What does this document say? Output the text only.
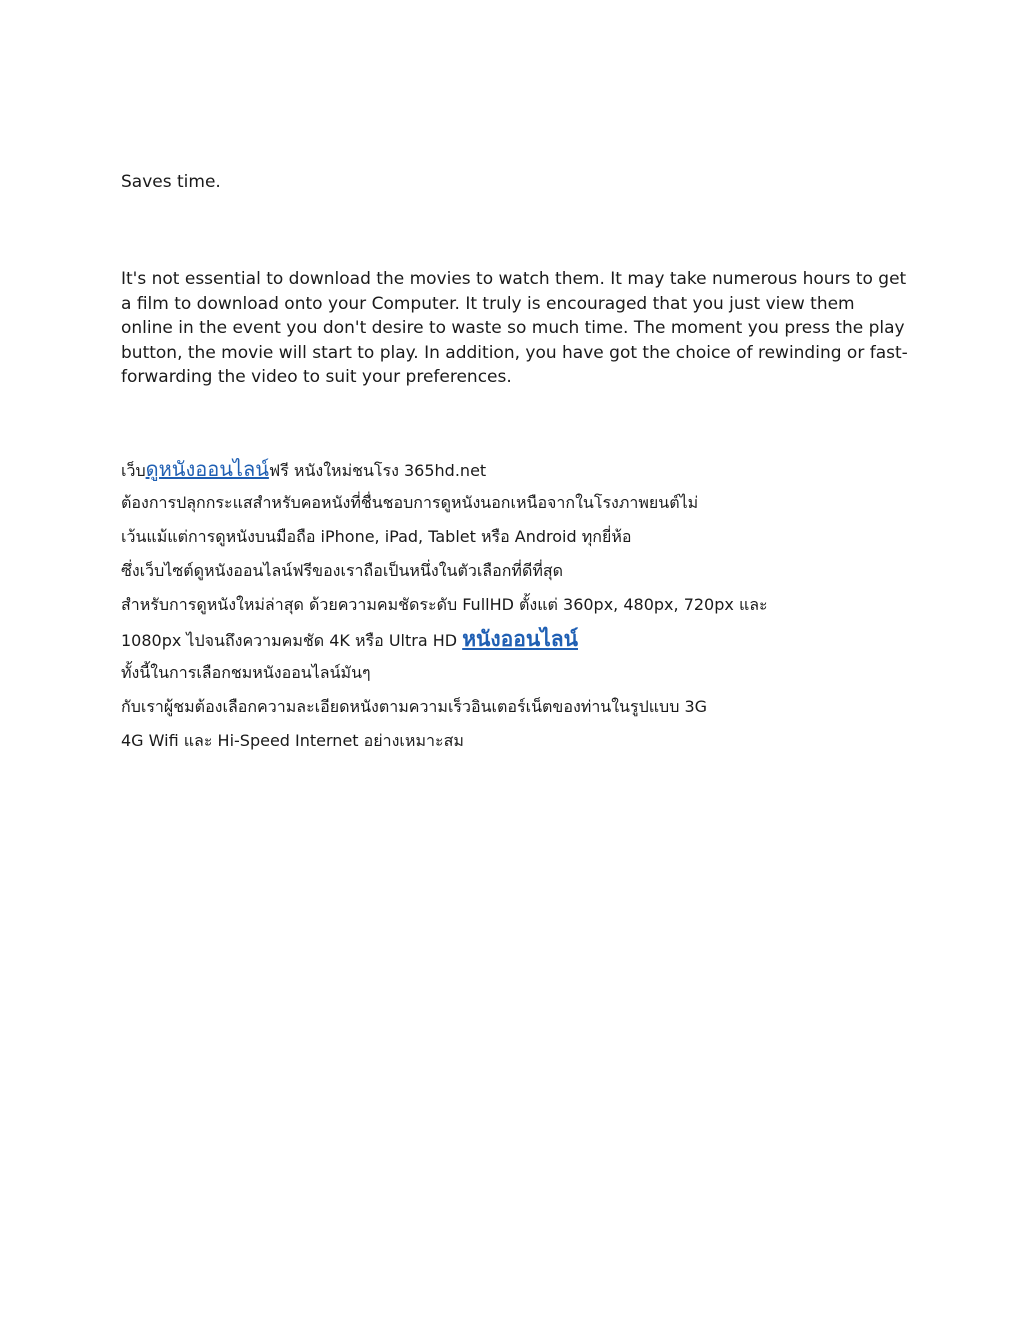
Saves time.

It's not essential to download the movies to watch them. It may take numerous hours to get a film to download onto your Computer. It truly is encouraged that you just view them online in the event you don't desire to waste so much time. The moment you press the play button, the movie will start to play. In addition, you have got the choice of rewinding or fast-forwarding the video to suit your preferences.

เว็บดูหนังออนไลน์ฟรี หนังใหม่ชนโรง 365hd.net

ต้องการปลุกกระแสสำหรับคอหนังที่ชื่นชอบการดูหนังนอกเหนือจากในโรงภาพยนต์ไม่

เว้นแม้แต่การดูหนังบนมือถือ iPhone, iPad, Tablet หรือ Android ทุกยี่ห้อ

ซึ่งเว็บไซต์ดูหนังออนไลน์ฟรีของเราถือเป็นหนึ่งในตัวเลือกที่ดีที่สุด

สำหรับการดูหนังใหม่ล่าสุด ด้วยความคมชัดระดับ FullHD ตั้งแต่ 360px, 480px, 720px และ

1080px ไปจนถึงความคมชัด 4K หรือ Ultra HD หนังออนไลน์

ทั้งนี้ในการเลือกชมหนังออนไลน์มันๆ

กับเราผู้ชมต้องเลือกความละเอียดหนังตามความเร็วอินเตอร์เน็ตของท่านในรูปแบบ 3G

4G Wifi และ Hi-Speed Internet อย่างเหมาะสม
